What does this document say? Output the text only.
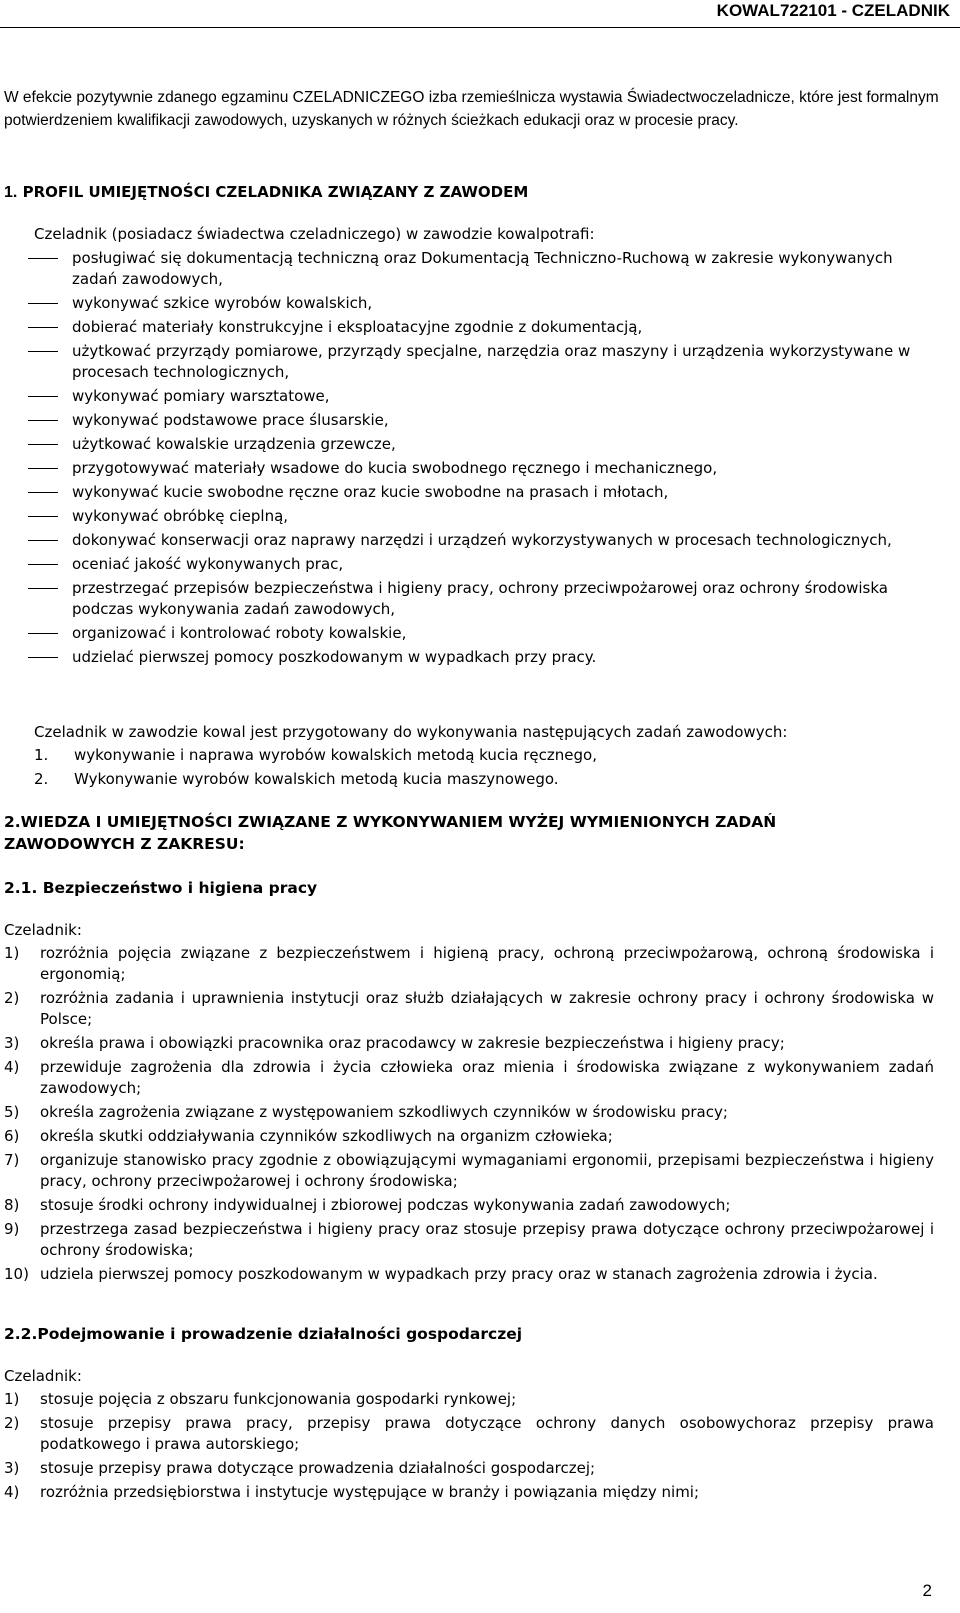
KOWAL722101 - CZELADNIK
W efekcie pozytywnie zdanego egzaminu CZELADNICZEGO izba rzemieślnicza wystawia Świadectwoczeladnicze, które jest formalnym potwierdzeniem kwalifikacji zawodowych, uzyskanych w różnych ścieżkach edukacji oraz w procesie pracy.
1. PROFIL UMIEJĘTNOŚCI CZELADNIKA ZWIĄZANY Z ZAWODEM
Czeladnik (posiadacz świadectwa czeladniczego) w zawodzie kowalpotrafi:
posługiwać się dokumentacją techniczną oraz Dokumentacją Techniczno-Ruchową w zakresie wykonywanych zadań zawodowych,
wykonywać szkice wyrobów kowalskich,
dobierać materiały konstrukcyjne i eksploatacyjne zgodnie z dokumentacją,
użytkować przyrządy pomiarowe, przyrządy specjalne, narzędzia oraz maszyny i urządzenia wykorzystywane w procesach technologicznych,
wykonywać pomiary warsztatowe,
wykonywać podstawowe prace ślusarskie,
użytkować kowalskie urządzenia grzewcze,
przygotowywać materiały wsadowe do kucia swobodnego ręcznego i mechanicznego,
wykonywać kucie swobodne ręczne oraz kucie swobodne na prasach i młotach,
wykonywać obróbkę cieplną,
dokonywać konserwacji oraz naprawy narzędzi i urządzeń wykorzystywanych w procesach technologicznych,
oceniać jakość wykonywanych prac,
przestrzegać przepisów bezpieczeństwa i higieny pracy, ochrony przeciwpożarowej oraz ochrony środowiska podczas wykonywania zadań zawodowych,
organizować i kontrolować roboty kowalskie,
udzielać pierwszej pomocy poszkodowanym w wypadkach przy pracy.
Czeladnik w zawodzie kowal jest przygotowany do wykonywania następujących zadań zawodowych:
1.	wykonywanie i naprawa wyrobów kowalskich metodą kucia ręcznego,
2.	Wykonywanie wyrobów kowalskich metodą kucia maszynowego.
2.WIEDZA I UMIEJĘTNOŚCI ZWIĄZANE Z WYKONYWANIEM WYŻEJ WYMIENIONYCH ZADAŃ ZAWODOWYCH Z ZAKRESU:
2.1. Bezpieczeństwo i higiena pracy
Czeladnik:
1) rozróżnia pojęcia związane z bezpieczeństwem i higieną pracy, ochroną przeciwpożarową, ochroną środowiska i ergonomią;
2) rozróżnia zadania i uprawnienia instytucji oraz służb działających w zakresie ochrony pracy i ochrony środowiska w Polsce;
3) określa prawa i obowiązki pracownika oraz pracodawcy w zakresie bezpieczeństwa i higieny pracy;
4) przewiduje zagrożenia dla zdrowia i życia człowieka oraz mienia i środowiska związane z wykonywaniem zadań zawodowych;
5) określa zagrożenia związane z występowaniem szkodliwych czynników w środowisku pracy;
6) określa skutki oddziaływania czynników szkodliwych na organizm człowieka;
7) organizuje stanowisko pracy zgodnie z obowiązującymi wymaganiami ergonomii, przepisami bezpieczeństwa i higieny pracy, ochrony przeciwpożarowej i ochrony środowiska;
8) stosuje środki ochrony indywidualnej i zbiorowej podczas wykonywania zadań zawodowych;
9) przestrzega zasad bezpieczeństwa i higieny pracy oraz stosuje przepisy prawa dotyczące ochrony przeciwpożarowej i ochrony środowiska;
10) udziela pierwszej pomocy poszkodowanym w wypadkach przy pracy oraz w stanach zagrożenia zdrowia i życia.
2.2.Podejmowanie i prowadzenie działalności gospodarczej
Czeladnik:
1) stosuje pojęcia z obszaru funkcjonowania gospodarki rynkowej;
2) stosuje przepisy prawa pracy, przepisy prawa dotyczące ochrony danych osobowychoraz przepisy prawa podatkowego i prawa autorskiego;
3) stosuje przepisy prawa dotyczące prowadzenia działalności gospodarczej;
4) rozróżnia przedsiębiorstwa i instytucje występujące w branży i powiązania między nimi;
2
